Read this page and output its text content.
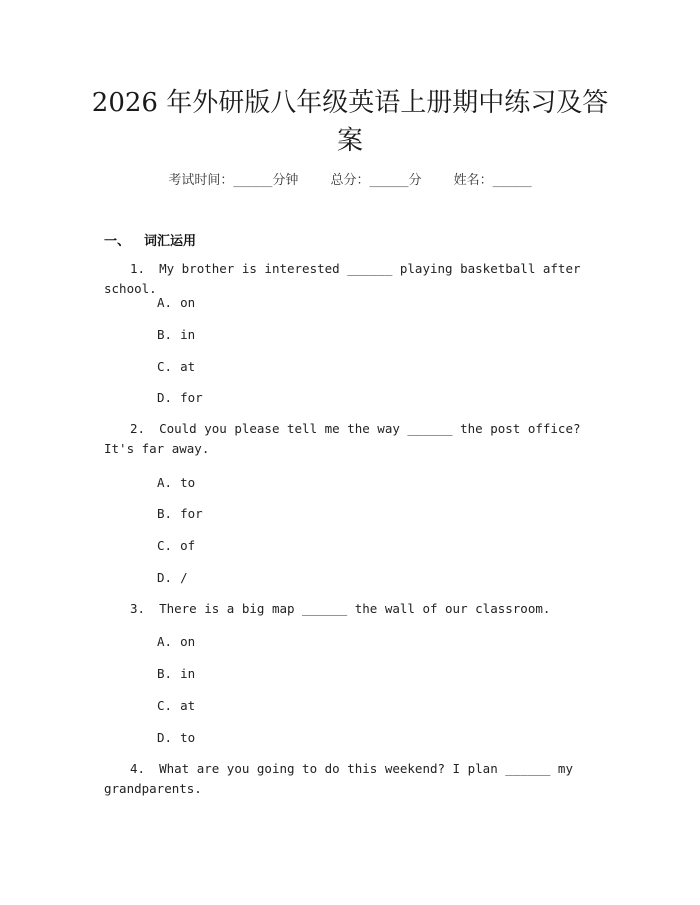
2026 年外研版八年级英语上册期中练习及答案
考试时间：______分钟 总分：______分 姓名：______
一、 词汇运用
1. My brother is interested ______ playing basketball after school.
A. on
B. in
C. at
D. for
2. Could you please tell me the way ______ the post office? It's far away.
A. to
B. for
C. of
D. /
3. There is a big map ______ the wall of our classroom.
A. on
B. in
C. at
D. to
4. What are you going to do this weekend? I plan ______ my grandparents.
